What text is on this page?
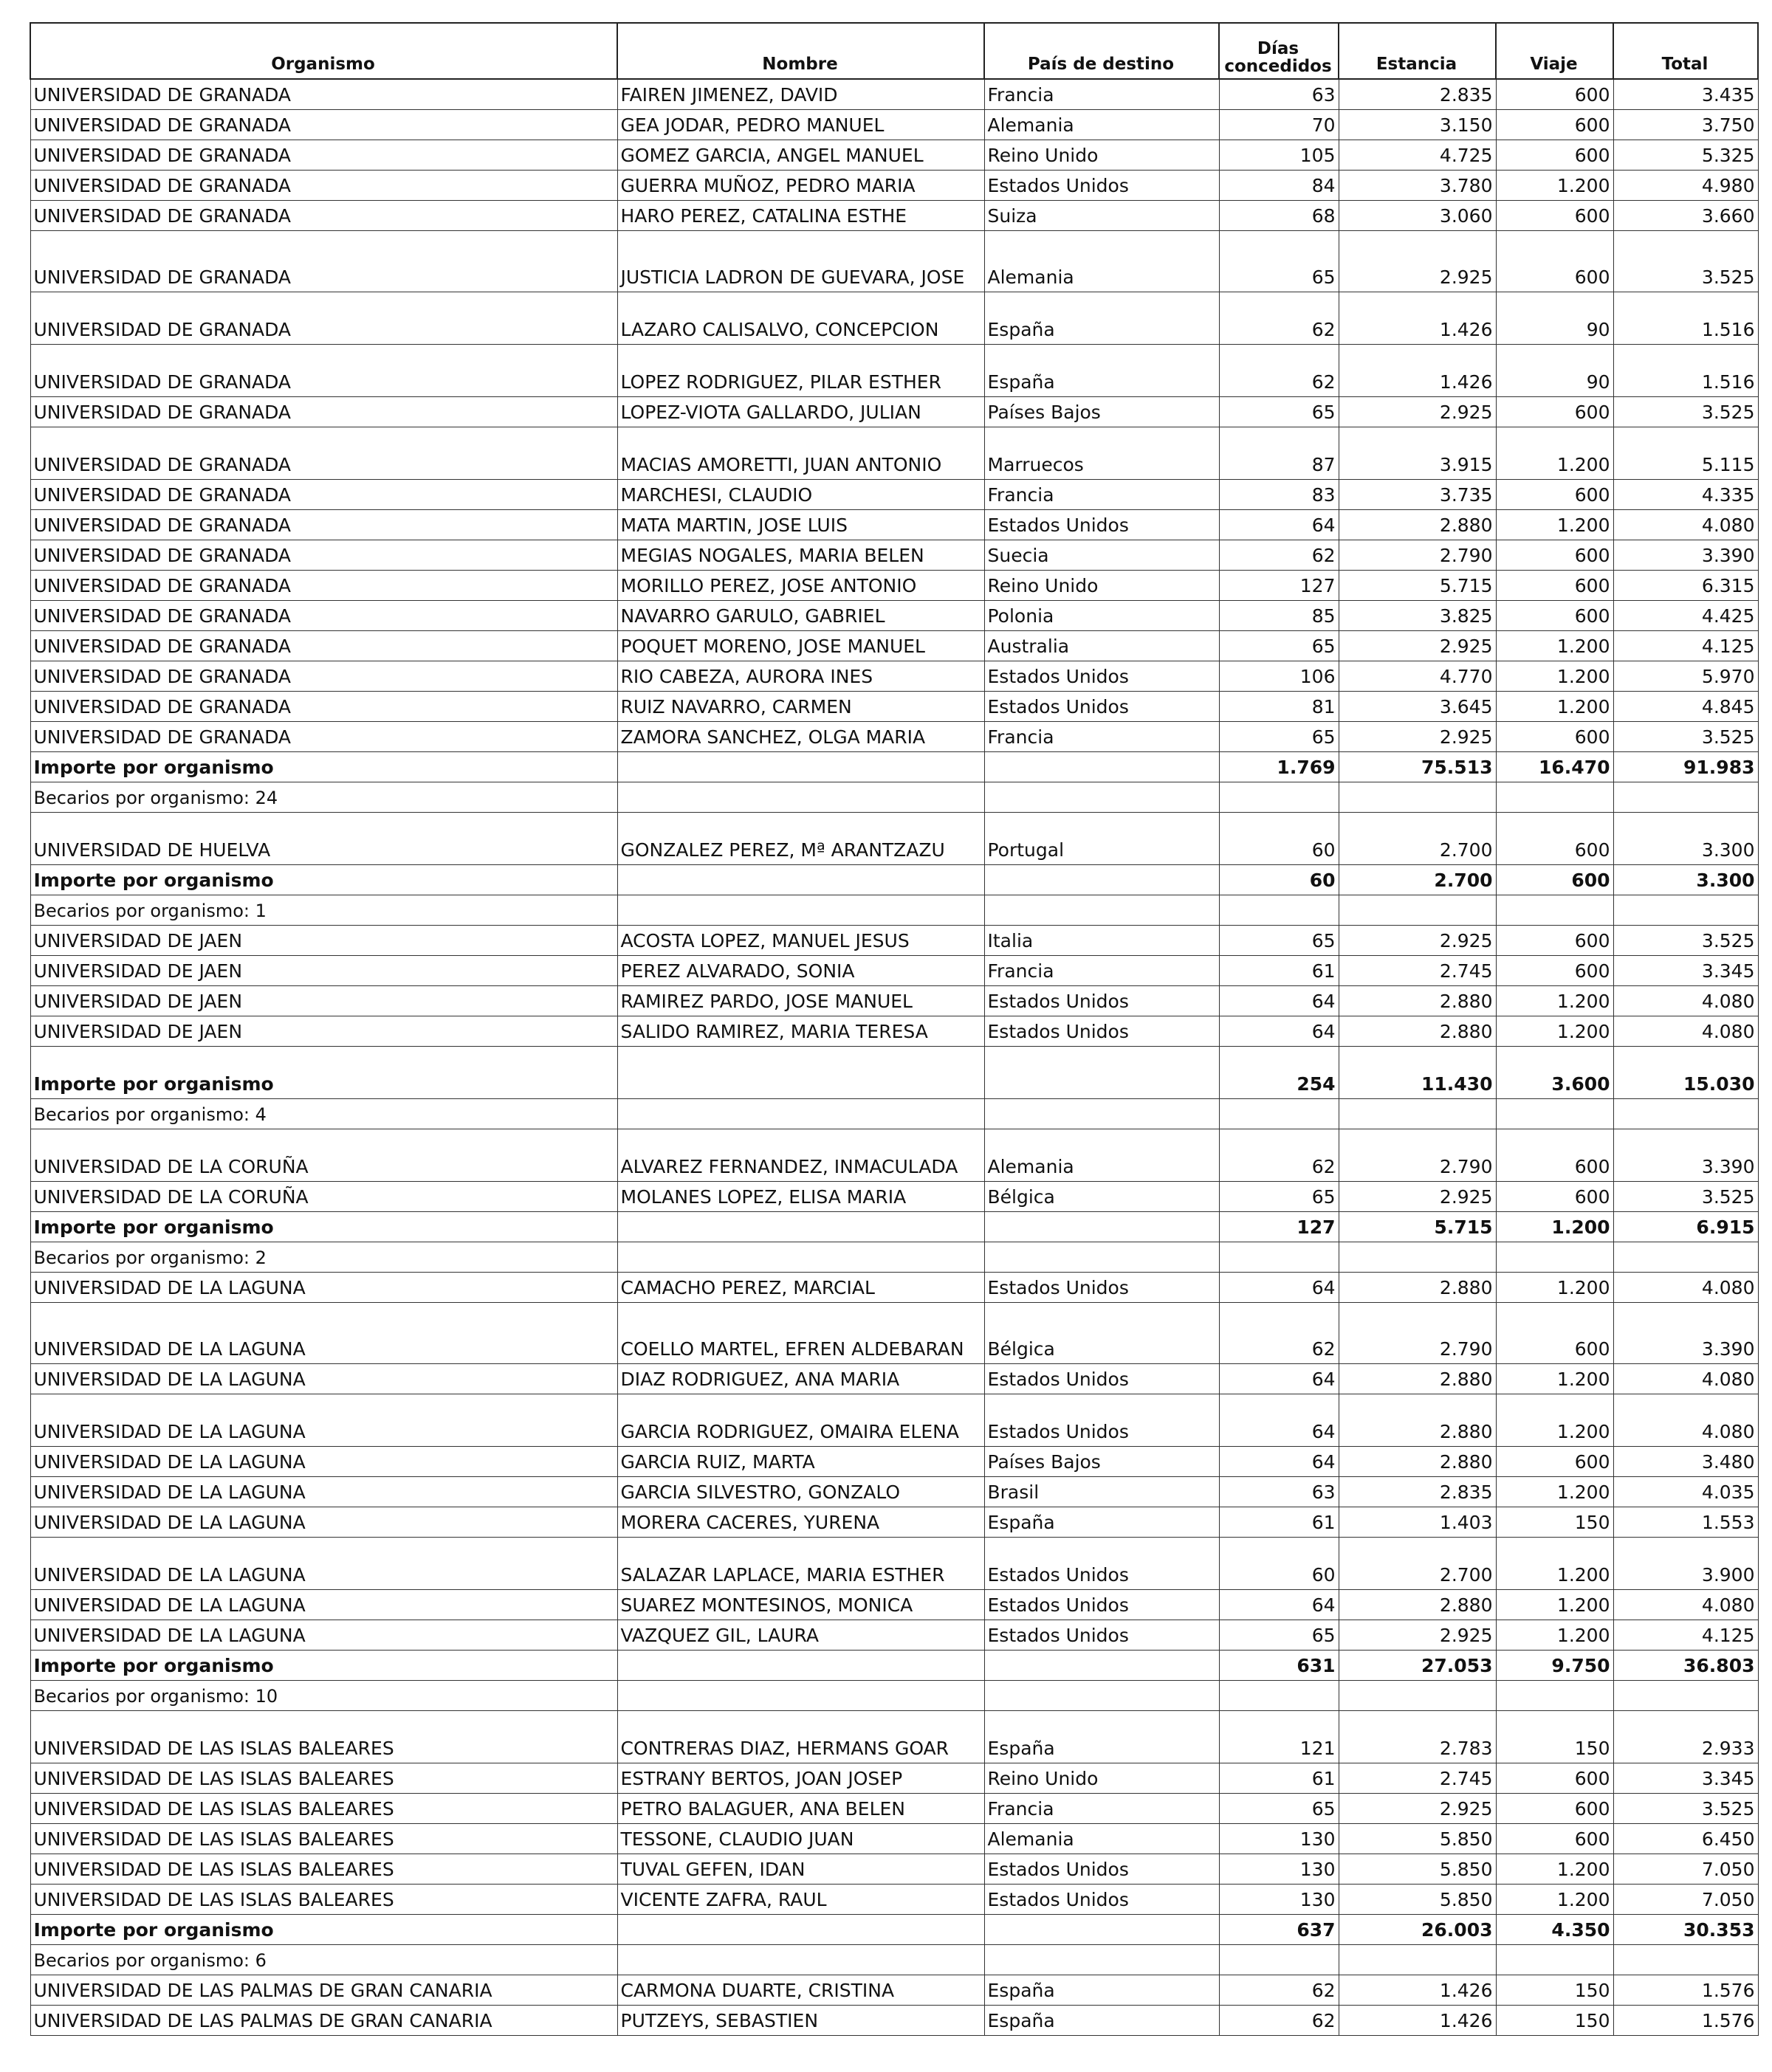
Organismo	Nombre	País de destino	Días concedidos	Estancia	Viaje	Total
UNIVERSIDAD DE GRANADA	FAIREN JIMENEZ, DAVID	Francia	63	2.835	600	3.435
UNIVERSIDAD DE GRANADA	GEA JODAR, PEDRO MANUEL	Alemania	70	3.150	600	3.750
UNIVERSIDAD DE GRANADA	GOMEZ GARCIA, ANGEL MANUEL	Reino Unido	105	4.725	600	5.325
UNIVERSIDAD DE GRANADA	GUERRA MUÑOZ, PEDRO MARIA	Estados Unidos	84	3.780	1.200	4.980
UNIVERSIDAD DE GRANADA	HARO PEREZ, CATALINA ESTHE	Suiza	68	3.060	600	3.660
UNIVERSIDAD DE GRANADA	JUSTICIA LADRON DE GUEVARA, JOSE	Alemania	65	2.925	600	3.525
UNIVERSIDAD DE GRANADA	LAZARO CALISALVO, CONCEPCION	España	62	1.426	90	1.516
UNIVERSIDAD DE GRANADA	LOPEZ RODRIGUEZ, PILAR ESTHER	España	62	1.426	90	1.516
UNIVERSIDAD DE GRANADA	LOPEZ-VIOTA GALLARDO, JULIAN	Países Bajos	65	2.925	600	3.525
UNIVERSIDAD DE GRANADA	MACIAS AMORETTI, JUAN ANTONIO	Marruecos	87	3.915	1.200	5.115
UNIVERSIDAD DE GRANADA	MARCHESI, CLAUDIO	Francia	83	3.735	600	4.335
UNIVERSIDAD DE GRANADA	MATA MARTIN, JOSE LUIS	Estados Unidos	64	2.880	1.200	4.080
UNIVERSIDAD DE GRANADA	MEGIAS NOGALES, MARIA BELEN	Suecia	62	2.790	600	3.390
UNIVERSIDAD DE GRANADA	MORILLO PEREZ, JOSE ANTONIO	Reino Unido	127	5.715	600	6.315
UNIVERSIDAD DE GRANADA	NAVARRO GARULO, GABRIEL	Polonia	85	3.825	600	4.425
UNIVERSIDAD DE GRANADA	POQUET MORENO, JOSE MANUEL	Australia	65	2.925	1.200	4.125
UNIVERSIDAD DE GRANADA	RIO CABEZA, AURORA INES	Estados Unidos	106	4.770	1.200	5.970
UNIVERSIDAD DE GRANADA	RUIZ NAVARRO, CARMEN	Estados Unidos	81	3.645	1.200	4.845
UNIVERSIDAD DE GRANADA	ZAMORA SANCHEZ, OLGA MARIA	Francia	65	2.925	600	3.525
Importe por organismo			1.769	75.513	16.470	91.983
Becarios por organismo: 24						
UNIVERSIDAD DE HUELVA	GONZALEZ PEREZ, Mª ARANTZAZU	Portugal	60	2.700	600	3.300
Importe por organismo			60	2.700	600	3.300
Becarios por organismo: 1						
UNIVERSIDAD DE JAEN	ACOSTA LOPEZ, MANUEL JESUS	Italia	65	2.925	600	3.525
UNIVERSIDAD DE JAEN	PEREZ ALVARADO, SONIA	Francia	61	2.745	600	3.345
UNIVERSIDAD DE JAEN	RAMIREZ PARDO, JOSE MANUEL	Estados Unidos	64	2.880	1.200	4.080
UNIVERSIDAD DE JAEN	SALIDO RAMIREZ, MARIA TERESA	Estados Unidos	64	2.880	1.200	4.080
Importe por organismo			254	11.430	3.600	15.030
Becarios por organismo: 4						
UNIVERSIDAD DE LA CORUÑA	ALVAREZ FERNANDEZ, INMACULADA	Alemania	62	2.790	600	3.390
UNIVERSIDAD DE LA CORUÑA	MOLANES LOPEZ, ELISA MARIA	Bélgica	65	2.925	600	3.525
Importe por organismo			127	5.715	1.200	6.915
Becarios por organismo: 2						
UNIVERSIDAD DE LA LAGUNA	CAMACHO PEREZ, MARCIAL	Estados Unidos	64	2.880	1.200	4.080
UNIVERSIDAD DE LA LAGUNA	COELLO MARTEL, EFREN ALDEBARAN	Bélgica	62	2.790	600	3.390
UNIVERSIDAD DE LA LAGUNA	DIAZ RODRIGUEZ, ANA MARIA	Estados Unidos	64	2.880	1.200	4.080
UNIVERSIDAD DE LA LAGUNA	GARCIA RODRIGUEZ, OMAIRA ELENA	Estados Unidos	64	2.880	1.200	4.080
UNIVERSIDAD DE LA LAGUNA	GARCIA RUIZ, MARTA	Países Bajos	64	2.880	600	3.480
UNIVERSIDAD DE LA LAGUNA	GARCIA SILVESTRO, GONZALO	Brasil	63	2.835	1.200	4.035
UNIVERSIDAD DE LA LAGUNA	MORERA CACERES, YURENA	España	61	1.403	150	1.553
UNIVERSIDAD DE LA LAGUNA	SALAZAR LAPLACE, MARIA ESTHER	Estados Unidos	60	2.700	1.200	3.900
UNIVERSIDAD DE LA LAGUNA	SUAREZ MONTESINOS, MONICA	Estados Unidos	64	2.880	1.200	4.080
UNIVERSIDAD DE LA LAGUNA	VAZQUEZ GIL, LAURA	Estados Unidos	65	2.925	1.200	4.125
Importe por organismo			631	27.053	9.750	36.803
Becarios por organismo: 10						
UNIVERSIDAD DE LAS ISLAS BALEARES	CONTRERAS DIAZ, HERMANS GOAR	España	121	2.783	150	2.933
UNIVERSIDAD DE LAS ISLAS BALEARES	ESTRANY BERTOS, JOAN JOSEP	Reino Unido	61	2.745	600	3.345
UNIVERSIDAD DE LAS ISLAS BALEARES	PETRO BALAGUER, ANA BELEN	Francia	65	2.925	600	3.525
UNIVERSIDAD DE LAS ISLAS BALEARES	TESSONE, CLAUDIO JUAN	Alemania	130	5.850	600	6.450
UNIVERSIDAD DE LAS ISLAS BALEARES	TUVAL GEFEN, IDAN	Estados Unidos	130	5.850	1.200	7.050
UNIVERSIDAD DE LAS ISLAS BALEARES	VICENTE ZAFRA, RAUL	Estados Unidos	130	5.850	1.200	7.050
Importe por organismo			637	26.003	4.350	30.353
Becarios por organismo: 6						
UNIVERSIDAD DE LAS PALMAS DE GRAN CANARIA	CARMONA DUARTE, CRISTINA	España	62	1.426	150	1.576
UNIVERSIDAD DE LAS PALMAS DE GRAN CANARIA	PUTZEYS, SEBASTIEN	España	62	1.426	150	1.576
